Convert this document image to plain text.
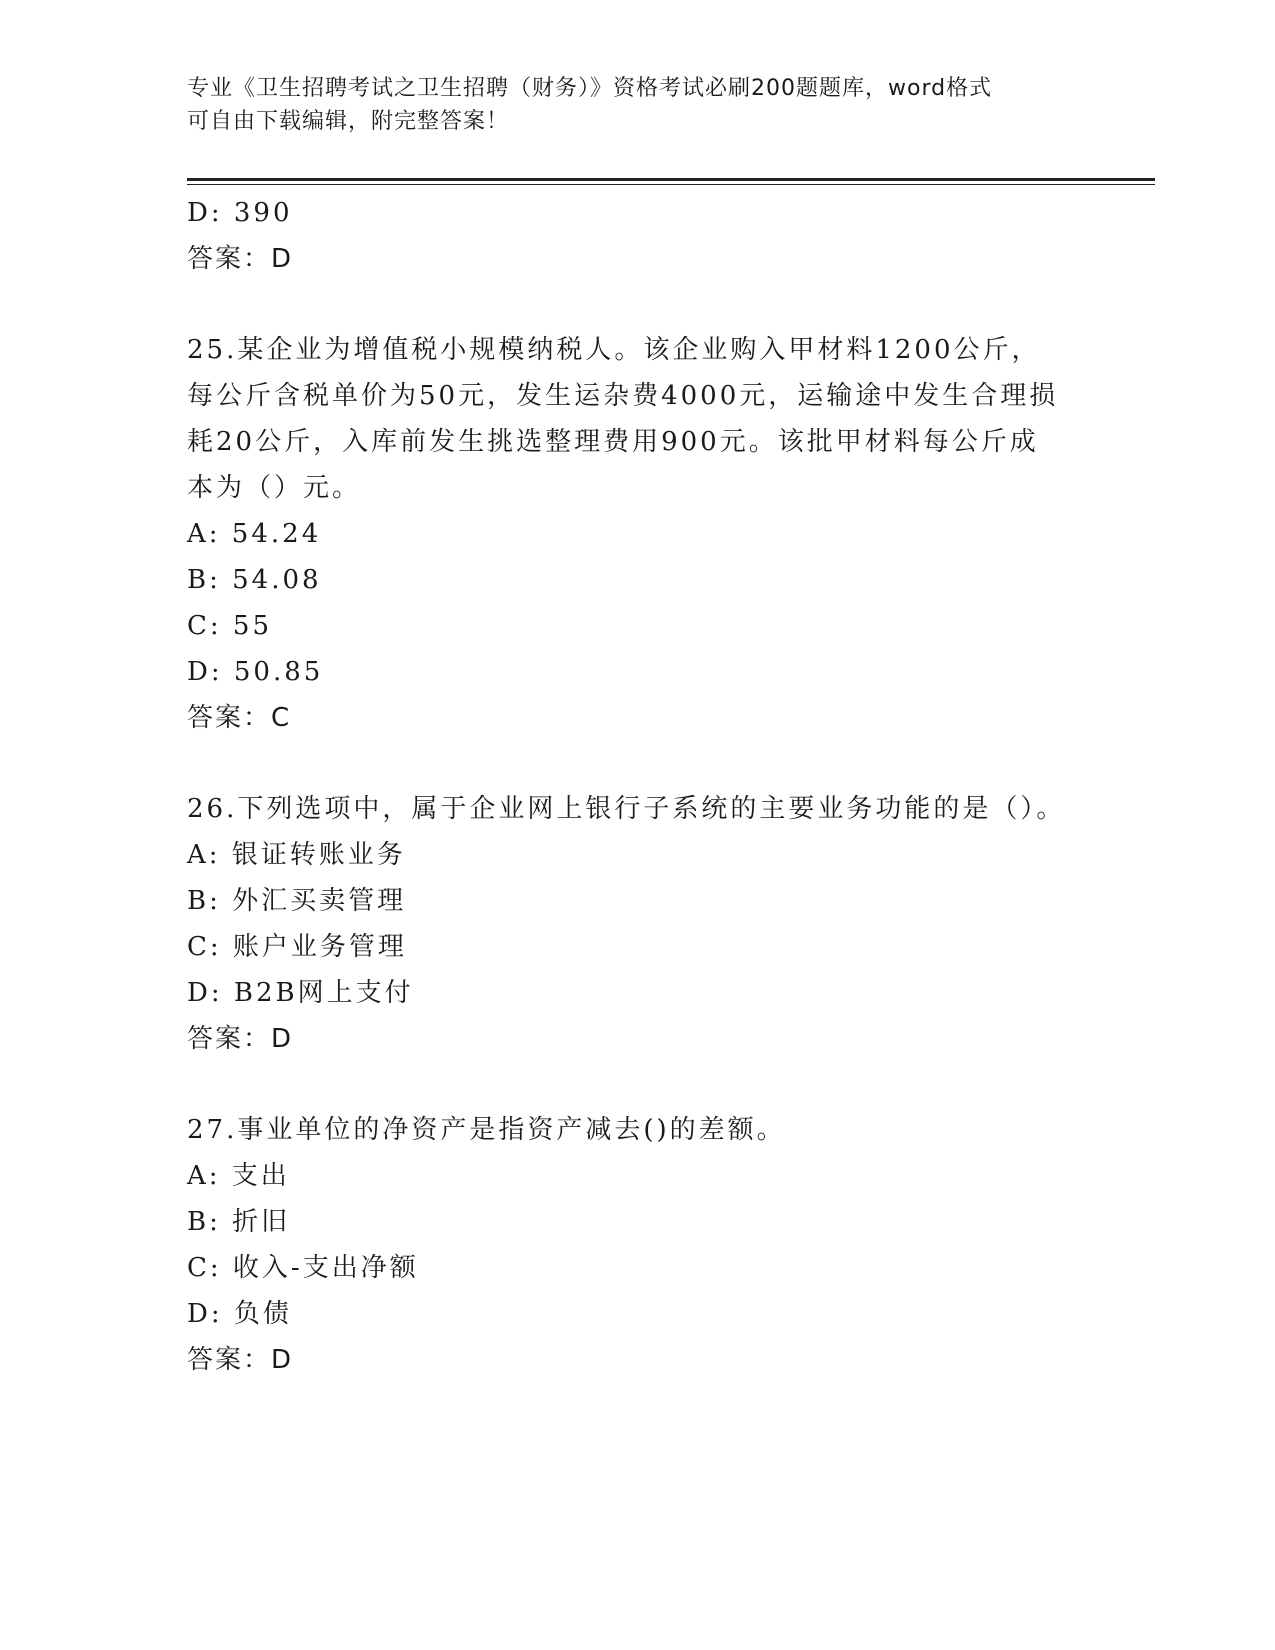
专业《卫生招聘考试之卫生招聘（财务）》资格考试必刷200题题库，word格式
可自由下载编辑，附完整答案！
D: 390
答案：D
25.某企业为增值税小规模纳税人。该企业购入甲材料1200公斤，每公斤含税单价为50元，发生运杂费4000元，运输途中发生合理损耗20公斤，入库前发生挑选整理费用900元。该批甲材料每公斤成本为（）元。
A: 54.24
B: 54.08
C: 55
D: 50.85
答案：C
26.下列选项中，属于企业网上银行子系统的主要业务功能的是（）。
A: 银证转账业务
B: 外汇买卖管理
C: 账户业务管理
D: B2B网上支付
答案：D
27.事业单位的净资产是指资产减去()的差额。
A: 支出
B: 折旧
C: 收入-支出净额
D: 负债
答案：D
